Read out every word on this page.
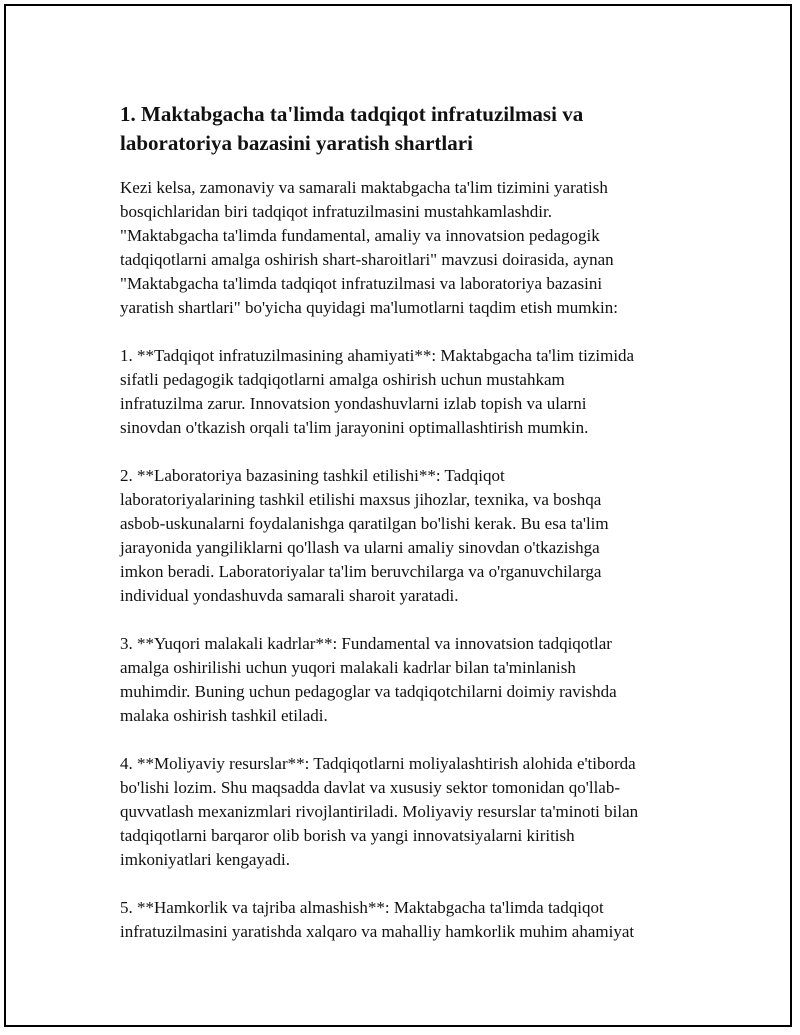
1. Maktabgacha ta'limda tadqiqot infratuzilmasi va
laboratoriya bazasini yaratish shartlari

Kezi kelsa, zamonaviy va samarali maktabgacha ta'lim tizimini yaratish
bosqichlaridan biri tadqiqot infratuzilmasini mustahkamlashdir.
"Maktabgacha ta'limda fundamental, amaliy va innovatsion pedagogik
tadqiqotlarni amalga oshirish shart-sharoitlari" mavzusi doirasida, aynan
"Maktabgacha ta'limda tadqiqot infratuzilmasi va laboratoriya bazasini
yaratish shartlari" bo'yicha quyidagi ma'lumotlarni taqdim etish mumkin:

1. **Tadqiqot infratuzilmasining ahamiyati**: Maktabgacha ta'lim tizimida
sifatli pedagogik tadqiqotlarni amalga oshirish uchun mustahkam
infratuzilma zarur. Innovatsion yondashuvlarni izlab topish va ularni
sinovdan o'tkazish orqali ta'lim jarayonini optimallashtirish mumkin.

2. **Laboratoriya bazasining tashkil etilishi**: Tadqiqot
laboratoriyalarining tashkil etilishi maxsus jihozlar, texnika, va boshqa
asbob-uskunalarni foydalanishga qaratilgan bo'lishi kerak. Bu esa ta'lim
jarayonida yangiliklarni qo'llash va ularni amaliy sinovdan o'tkazishga
imkon beradi. Laboratoriyalar ta'lim beruvchilarga va o'rganuvchilarga
individual yondashuvda samarali sharoit yaratadi.

3. **Yuqori malakali kadrlar**: Fundamental va innovatsion tadqiqotlar
amalga oshirilishi uchun yuqori malakali kadrlar bilan ta'minlanish
muhimdir. Buning uchun pedagoglar va tadqiqotchilarni doimiy ravishda
malaka oshirish tashkil etiladi.

4. **Moliyaviy resurslar**: Tadqiqotlarni moliyalashtirish alohida e'tiborda
bo'lishi lozim. Shu maqsadda davlat va xususiy sektor tomonidan qo'llab-
quvvatlash mexanizmlari rivojlantiriladi. Moliyaviy resurslar ta'minoti bilan
tadqiqotlarni barqaror olib borish va yangi innovatsiyalarni kiritish
imkoniyatlari kengayadi.

5. **Hamkorlik va tajriba almashish**: Maktabgacha ta'limda tadqiqot
infratuzilmasini yaratishda xalqaro va mahalliy hamkorlik muhim ahamiyat
